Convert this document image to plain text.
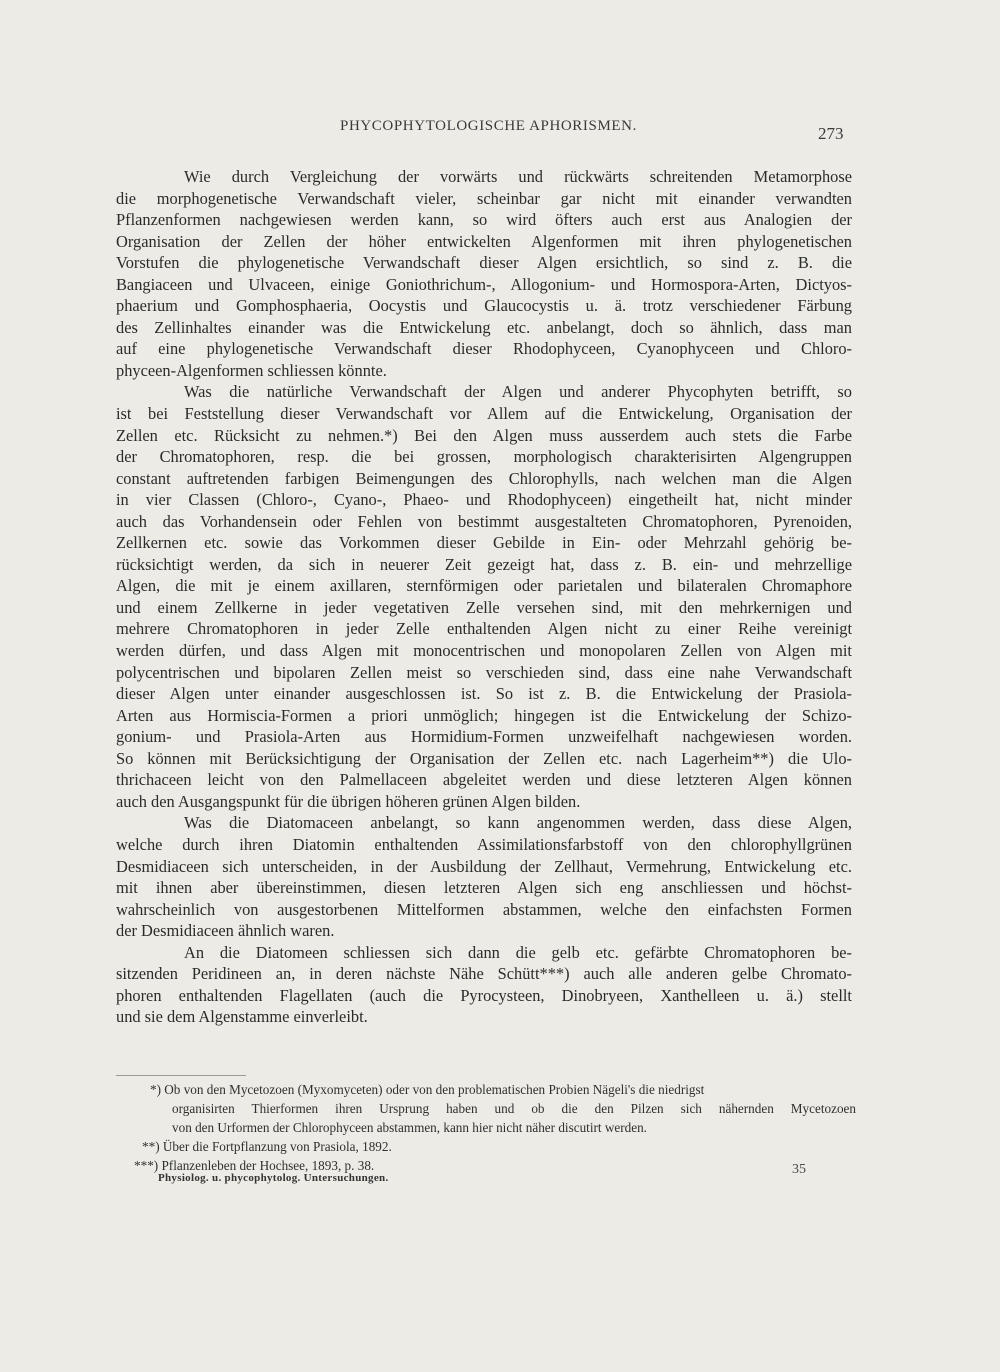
PHYCOPHYTOLOGISCHE APHORISMEN.	273
Wie durch Vergleichung der vorwärts und rückwärts schreitenden Metamorphose
die morphogenetische Verwandschaft vieler, scheinbar gar nicht mit einander verwandten
Pflanzenformen nachgewiesen werden kann, so wird öfters auch erst aus Analogien der
Organisation der Zellen der höher entwickelten Algenformen mit ihren phylogenetischen
Vorstufen die phylogenetische Verwandschaft dieser Algen ersichtlich, so sind z. B. die
Bangiaceen und Ulvaceen, einige Goniothrichum-, Allogonium- und Hormospora-Arten, Dictyos-
phaerium und Gomphosphaeria, Oocystis und Glaucocystis u. ä. trotz verschiedener Färbung
des Zellinhaltes einander was die Entwickelung etc. anbelangt, doch so ähnlich, dass man
auf eine phylogenetische Verwandschaft dieser Rhodophyceen, Cyanophyceen und Chloro-
phyceen-Algenformen schliessen könnte.
Was die natürliche Verwandschaft der Algen und anderer Phycophyten betrifft, so
ist bei Feststellung dieser Verwandschaft vor Allem auf die Entwickelung, Organisation der
Zellen etc. Rücksicht zu nehmen.*) Bei den Algen muss ausserdem auch stets die Farbe
der Chromatophoren, resp. die bei grossen, morphologisch charakterisirten Algengruppen
constant auftretenden farbigen Beimengungen des Chlorophylls, nach welchen man die Algen
in vier Classen (Chloro-, Cyano-, Phaeo- und Rhodophyceen) eingetheilt hat, nicht minder
auch das Vorhandensein oder Fehlen von bestimmt ausgestalteten Chromatophoren, Pyrenoiden,
Zellkernen etc. sowie das Vorkommen dieser Gebilde in Ein- oder Mehrzahl gehörig be-
rücksichtigt werden, da sich in neuerer Zeit gezeigt hat, dass z. B. ein- und mehrzellige
Algen, die mit je einem axillaren, sternförmigen oder parietalen und bilateralen Chromaphore
und einem Zellkerne in jeder vegetativen Zelle versehen sind, mit den mehrkernigen und
mehrere Chromatophoren in jeder Zelle enthaltenden Algen nicht zu einer Reihe vereinigt
werden dürfen, und dass Algen mit monocentrischen und monopolaren Zellen von Algen mit
polycentrischen und bipolaren Zellen meist so verschieden sind, dass eine nahe Verwandschaft
dieser Algen unter einander ausgeschlossen ist. So ist z. B. die Entwickelung der Prasiola-
Arten aus Hormiscia-Formen a priori unmöglich; hingegen ist die Entwickelung der Schizo-
gonium- und Prasiola-Arten aus Hormidium-Formen unzweifelhaft nachgewiesen worden.
So können mit Berücksichtigung der Organisation der Zellen etc. nach Lagerheim**) die Ulo-
thrichaceen leicht von den Palmellaceen abgeleitet werden und diese letzteren Algen können
auch den Ausgangspunkt für die übrigen höheren grünen Algen bilden.
Was die Diatomaceen anbelangt, so kann angenommen werden, dass diese Algen,
welche durch ihren Diatomin enthaltenden Assimilationsfarbstoff von den chlorophyllgrünen
Desmidiaceen sich unterscheiden, in der Ausbildung der Zellhaut, Vermehrung, Entwickelung etc.
mit ihnen aber übereinstimmen, diesen letzteren Algen sich eng anschliessen und höchst-
wahrscheinlich von ausgestorbenen Mittelformen abstammen, welche den einfachsten Formen
der Desmidiaceen ähnlich waren.
An die Diatomeen schliessen sich dann die gelb etc. gefärbte Chromatophoren be-
sitzenden Peridineen an, in deren nächste Nähe Schütt***) auch alle anderen gelbe Chromato-
phoren enthaltenden Flagellaten (auch die Pyrocysteen, Dinobryeen, Xanthelleen u. ä.) stellt
und sie dem Algenstamme einverleibt.
*) Ob von den Mycetozoen (Myxomyceten) oder von den problematischen Probien Nägeli's die niedrigst
organisirten Thierformen ihren Ursprung haben und ob die den Pilzen sich nähernden Mycetozoen
von den Urformen der Chlorophyceen abstammen, kann hier nicht näher discutirt werden.
**) Über die Fortpflanzung von Prasiola, 1892.
***) Pflanzenleben der Hochsee, 1893, p. 38.	35
Physiolog. u. phycophytolog. Untersuchungen.
